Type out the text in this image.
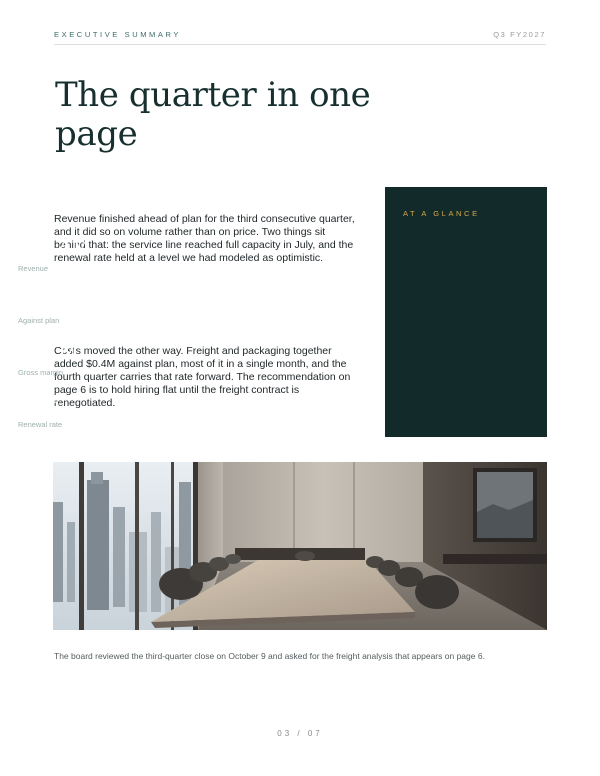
EXECUTIVE SUMMARY	Q3 FY2027
The quarter in one page

Revenue finished ahead of plan for the third consecutive quarter, and it did so on volume rather than on price. Two things sit behind that: the service line reached full capacity in July, and the renewal rate held at a level we had modeled as optimistic.

Costs moved the other way. Freight and packaging together added $0.4M against plan, most of it in a single month, and the fourth quarter carries that rate forward. The recommendation on page 6 is to hold hiring flat until the freight contract is renegotiated.

AT A GLANCE
$18.4M
Revenue
+11.2%
Against plan
$5.1M
Gross margin
94%
Renewal rate
The board reviewed the third-quarter close on October 9 and asked for the freight analysis that appears on page 6.
03 / 07
